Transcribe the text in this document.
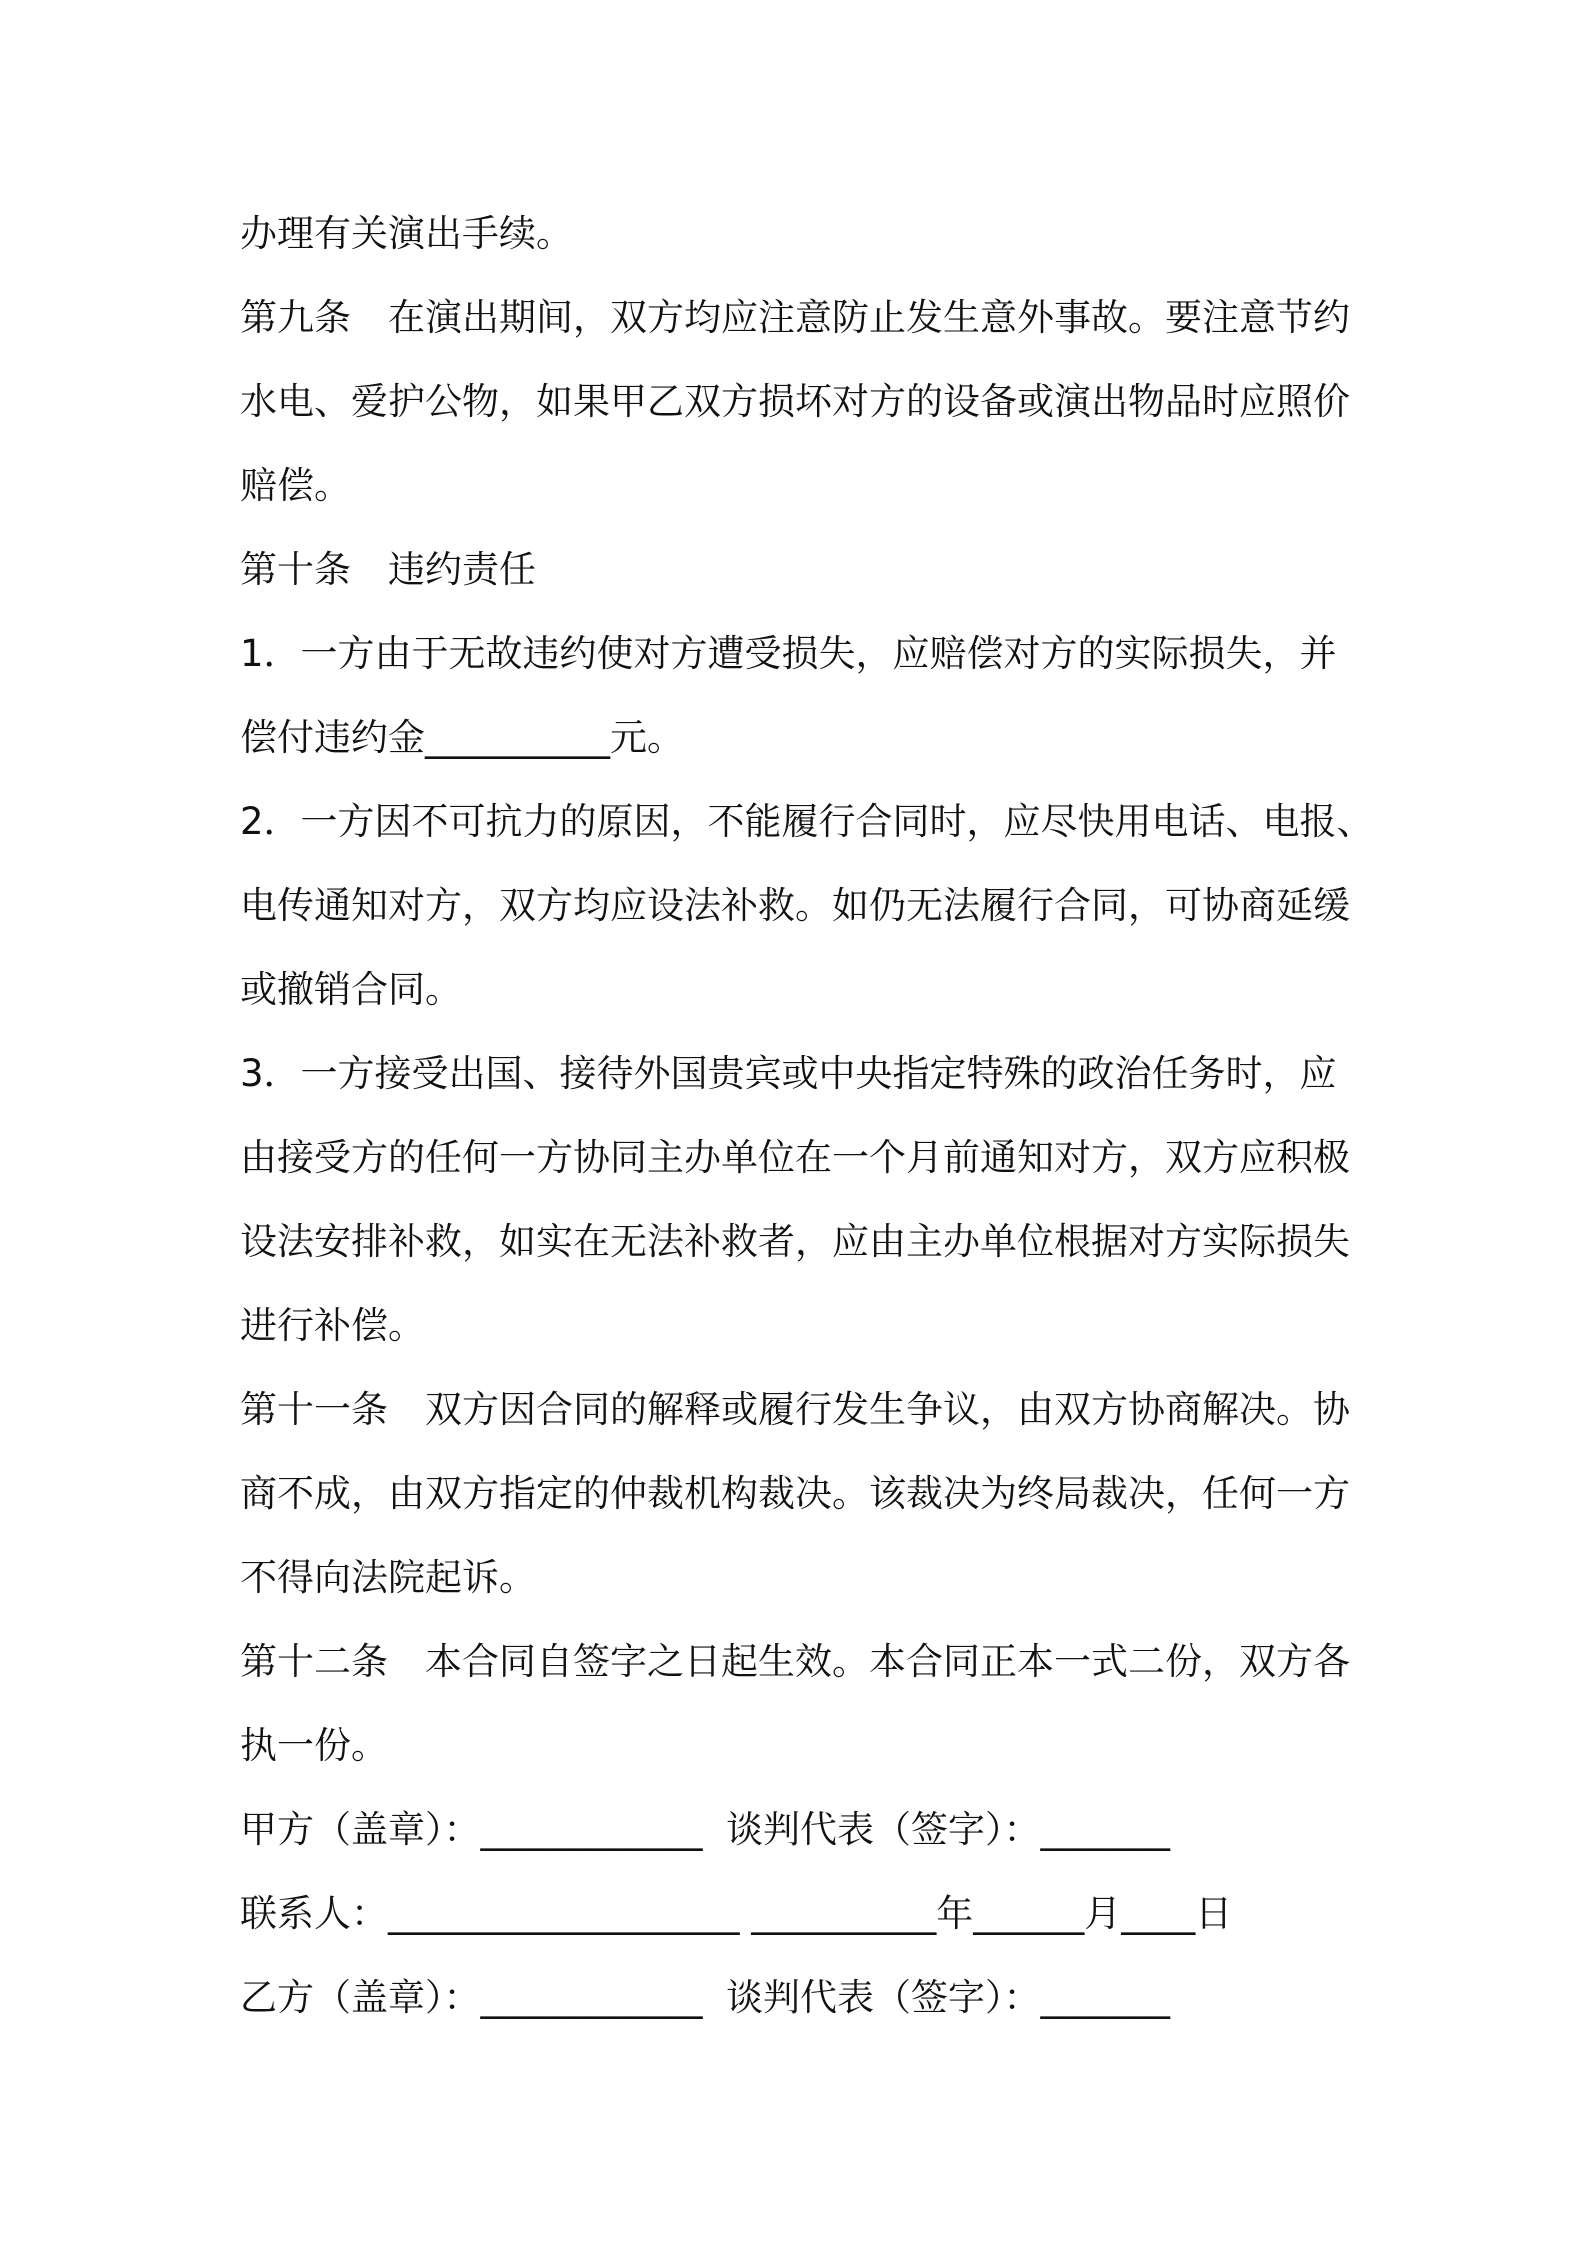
办理有关演出手续。
第九条　在演出期间，双方均应注意防止发生意外事故。要注意节约
水电、爱护公物，如果甲乙双方损坏对方的设备或演出物品时应照价
赔偿。
第十条　违约责任
1．一方由于无故违约使对方遭受损失，应赔偿对方的实际损失，并
偿付违约金__________元。
2．一方因不可抗力的原因，不能履行合同时，应尽快用电话、电报、
电传通知对方，双方均应设法补救。如仍无法履行合同，可协商延缓
或撤销合同。
3．一方接受出国、接待外国贵宾或中央指定特殊的政治任务时，应
由接受方的任何一方协同主办单位在一个月前通知对方，双方应积极
设法安排补救，如实在无法补救者，应由主办单位根据对方实际损失
进行补偿。
第十一条　双方因合同的解释或履行发生争议，由双方协商解决。协
商不成，由双方指定的仲裁机构裁决。该裁决为终局裁决，任何一方
不得向法院起诉。
第十二条　本合同自签字之日起生效。本合同正本一式二份，双方各
执一份。
甲方（盖章）：____________  谈判代表（签字）：_______
联系人：___________________ __________年______月____日
乙方（盖章）：____________  谈判代表（签字）：_______
